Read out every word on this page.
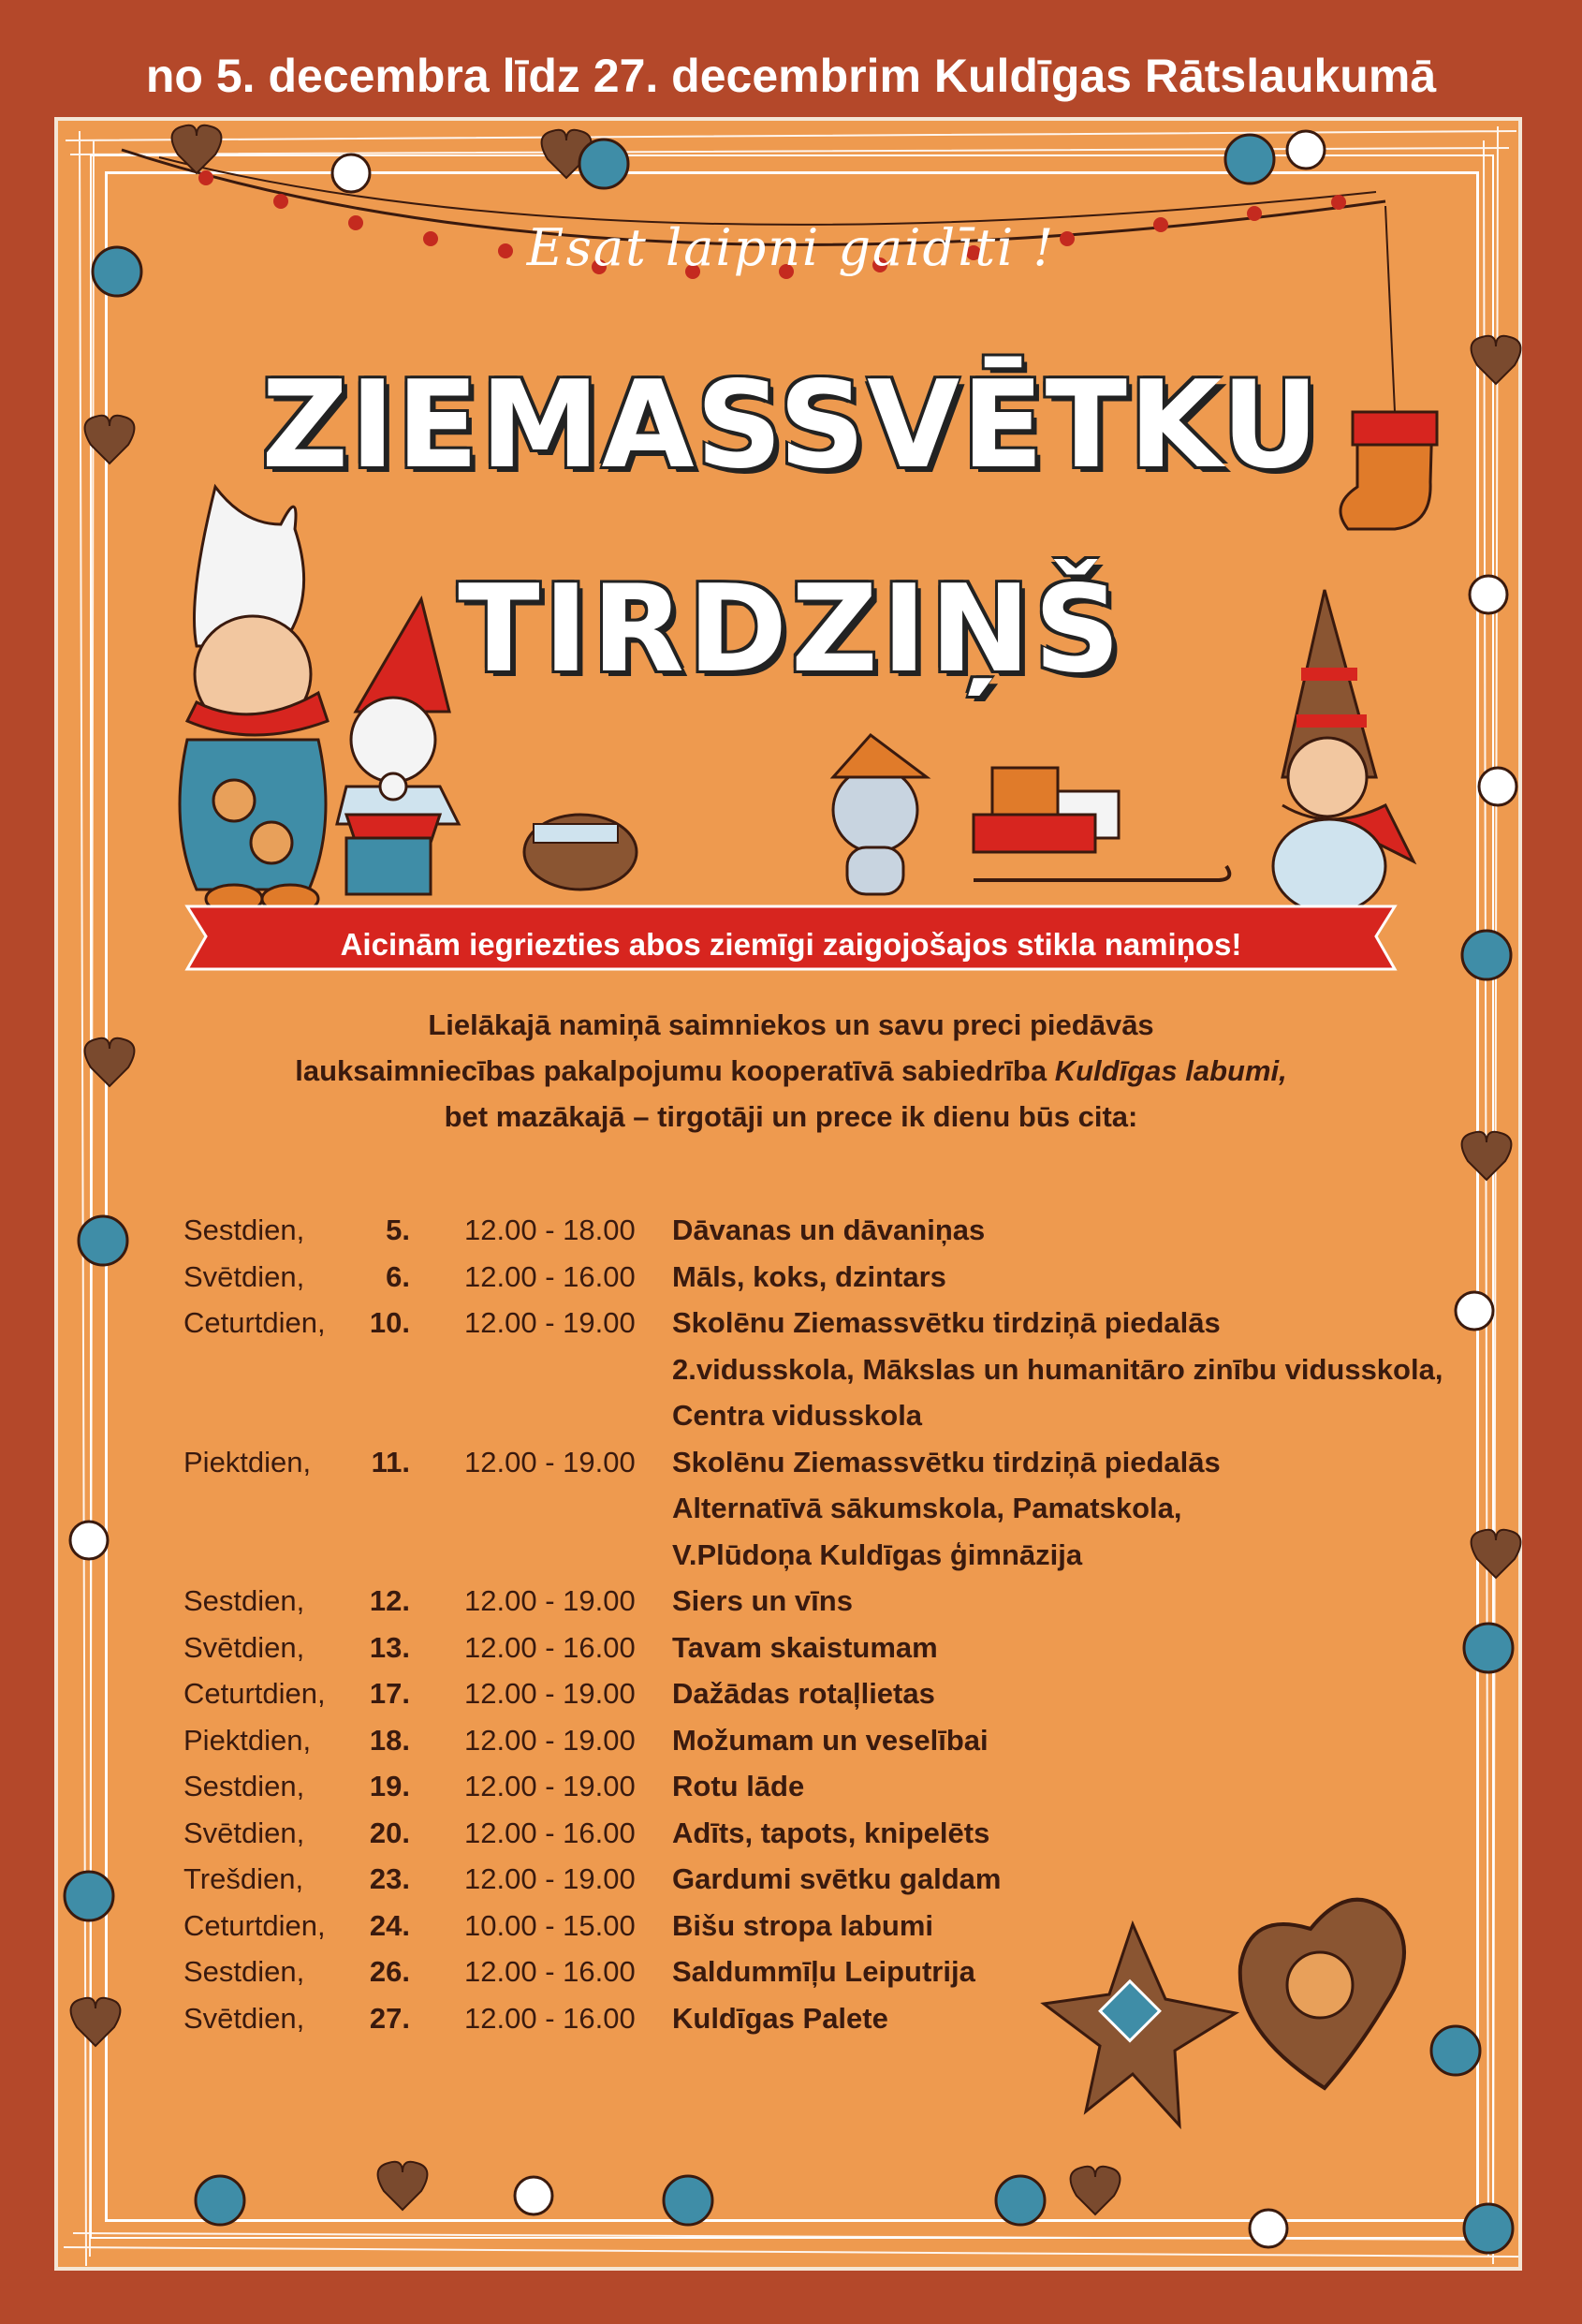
no 5. decembra līdz 27. decembrim Kuldīgas Rātslaukumā
Esat laipni gaidīti !
ZIEMASSVĒTKU
TIRDZIŅŠ
Aicinām iegriezties abos ziemīgi zaigojošajos stikla namiņos!
Lielākajā namiņā saimniekos un savu preci piedāvās
lauksaimniecības pakalpojumu kooperatīvā sabiedrība Kuldīgas labumi,
bet mazākajā – tirgotāji un prece ik dienu būs cita:
Sestdien,	5. 12.00 - 18.00	Dāvanas un dāvaniņas
Svētdien,	6. 12.00 - 16.00	Māls, koks, dzintars
Ceturtdien,	10. 12.00 - 19.00	Skolēnu Ziemassvētku tirdziņā piedalās
2.vidusskola, Mākslas un humanitāro zinību vidusskola,
Centra vidusskola
Piektdien,	11. 12.00 - 19.00	Skolēnu Ziemassvētku tirdziņā piedalās
Alternatīvā sākumskola, Pamatskola,
V.Plūdoņa Kuldīgas ģimnāzija
Sestdien,	12. 12.00 - 19.00	Siers un vīns
Svētdien,	13. 12.00 - 16.00	Tavam skaistumam
Ceturtdien,	17. 12.00 - 19.00	Dažādas rotaļlietas
Piektdien,	18. 12.00 - 19.00	Možumam un veselībai
Sestdien,	19. 12.00 - 19.00	Rotu lāde
Svētdien,	20. 12.00 - 16.00	Adīts, tapots, knipelēts
Trešdien,	23. 12.00 - 19.00	Gardumi svētku galdam
Ceturtdien,	24. 10.00 - 15.00	Bišu stropa labumi
Sestdien,	26. 12.00 - 16.00	Saldummīļu Leiputrija
Svētdien,	27. 12.00 - 16.00	Kuldīgas Palete
